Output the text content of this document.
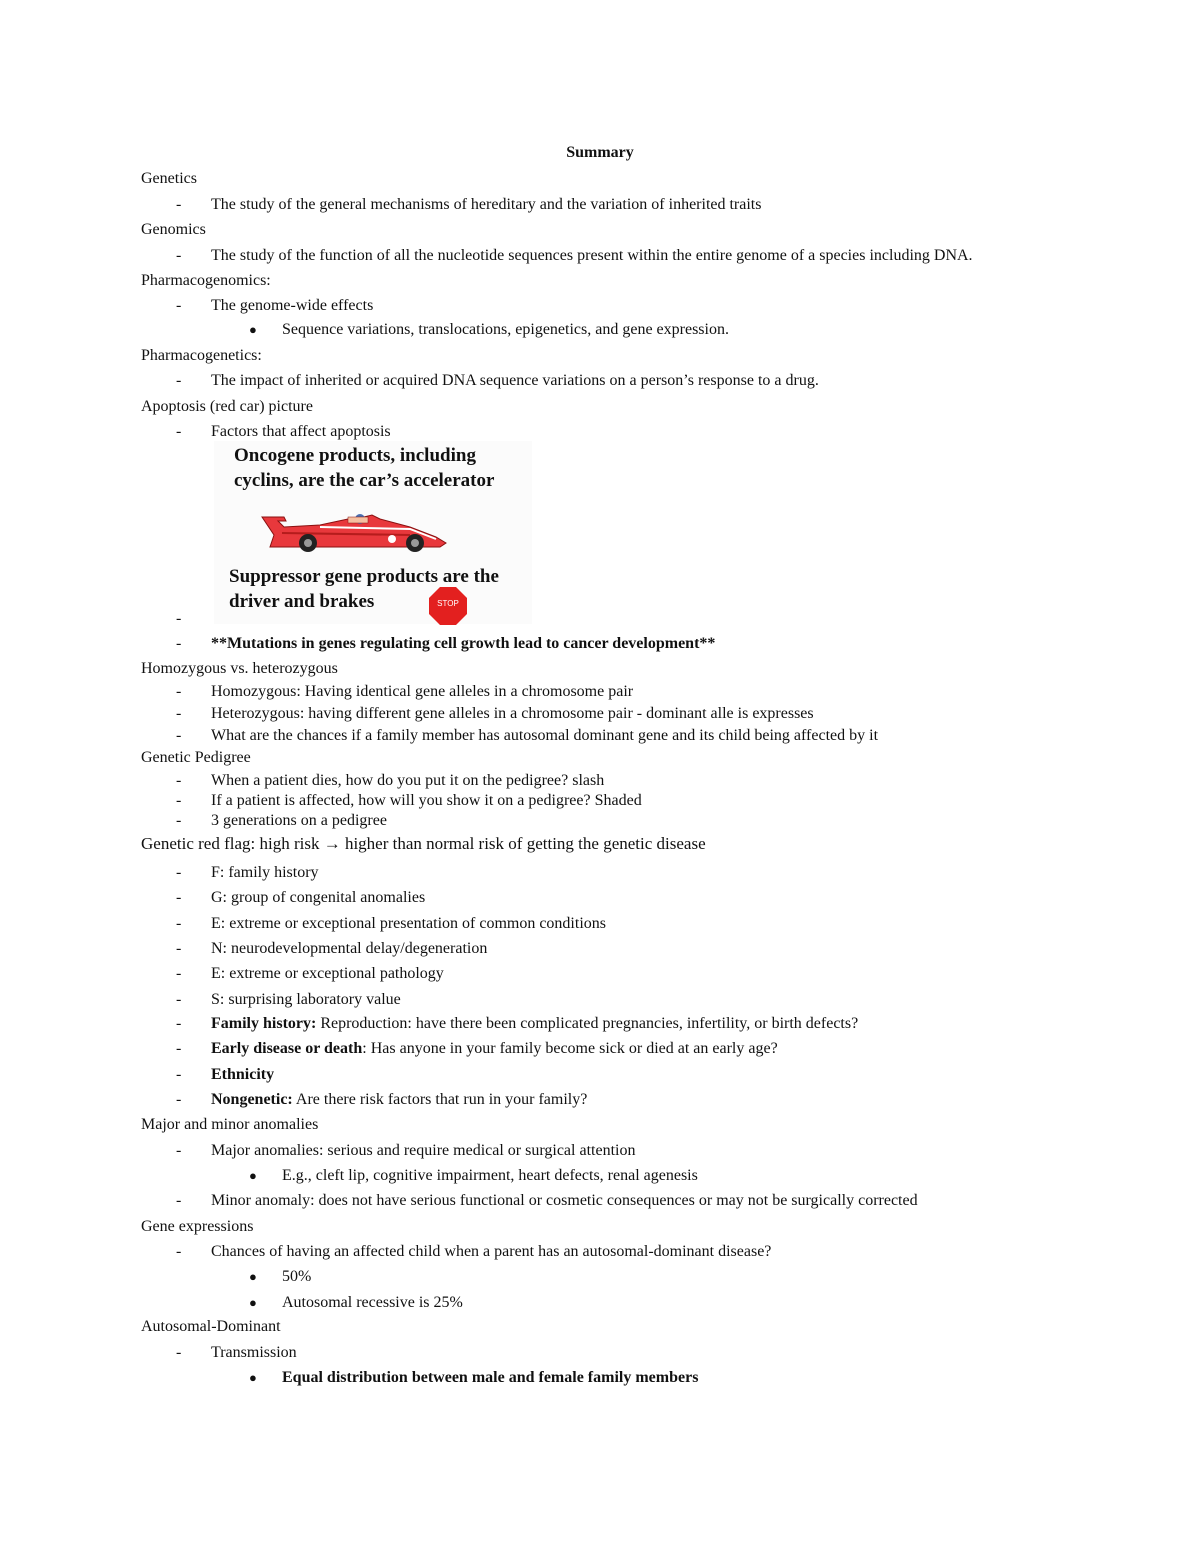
Summary
Genetics
- The study of the general mechanisms of hereditary and the variation of inherited traits
Genomics
- The study of the function of all the nucleotide sequences present within the entire genome of a species including DNA.
Pharmacogenomics:
- The genome-wide effects
● Sequence variations, translocations, epigenetics, and gene expression.
Pharmacogenetics:
- The impact of inherited or acquired DNA sequence variations on a person’s response to a drug.
Apoptosis (red car) picture
- Factors that affect apoptosis
Oncogene products, including
cyclins, are the car’s accelerator
Suppressor gene products are the
driver and brakes	STOP
-
- **Mutations in genes regulating cell growth lead to cancer development**
Homozygous vs. heterozygous
- Homozygous: Having identical gene alleles in a chromosome pair
- Heterozygous: having different gene alleles in a chromosome pair - dominant alle is expresses
- What are the chances if a family member has autosomal dominant gene and its child being affected by it
Genetic Pedigree
- When a patient dies, how do you put it on the pedigree? slash
- If a patient is affected, how will you show it on a pedigree? Shaded
- 3 generations on a pedigree
Genetic red flag: high risk → higher than normal risk of getting the genetic disease
- F: family history
- G: group of congenital anomalies
- E: extreme or exceptional presentation of common conditions
- N: neurodevelopmental delay/degeneration
- E: extreme or exceptional pathology
- S: surprising laboratory value
- Family history: Reproduction: have there been complicated pregnancies, infertility, or birth defects?
- Early disease or death: Has anyone in your family become sick or died at an early age?
- Ethnicity
- Nongenetic: Are there risk factors that run in your family?
Major and minor anomalies
- Major anomalies: serious and require medical or surgical attention
● E.g., cleft lip, cognitive impairment, heart defects, renal agenesis
- Minor anomaly: does not have serious functional or cosmetic consequences or may not be surgically corrected
Gene expressions
- Chances of having an affected child when a parent has an autosomal-dominant disease?
● 50%
● Autosomal recessive is 25%
Autosomal-Dominant
- Transmission
● Equal distribution between male and female family members
